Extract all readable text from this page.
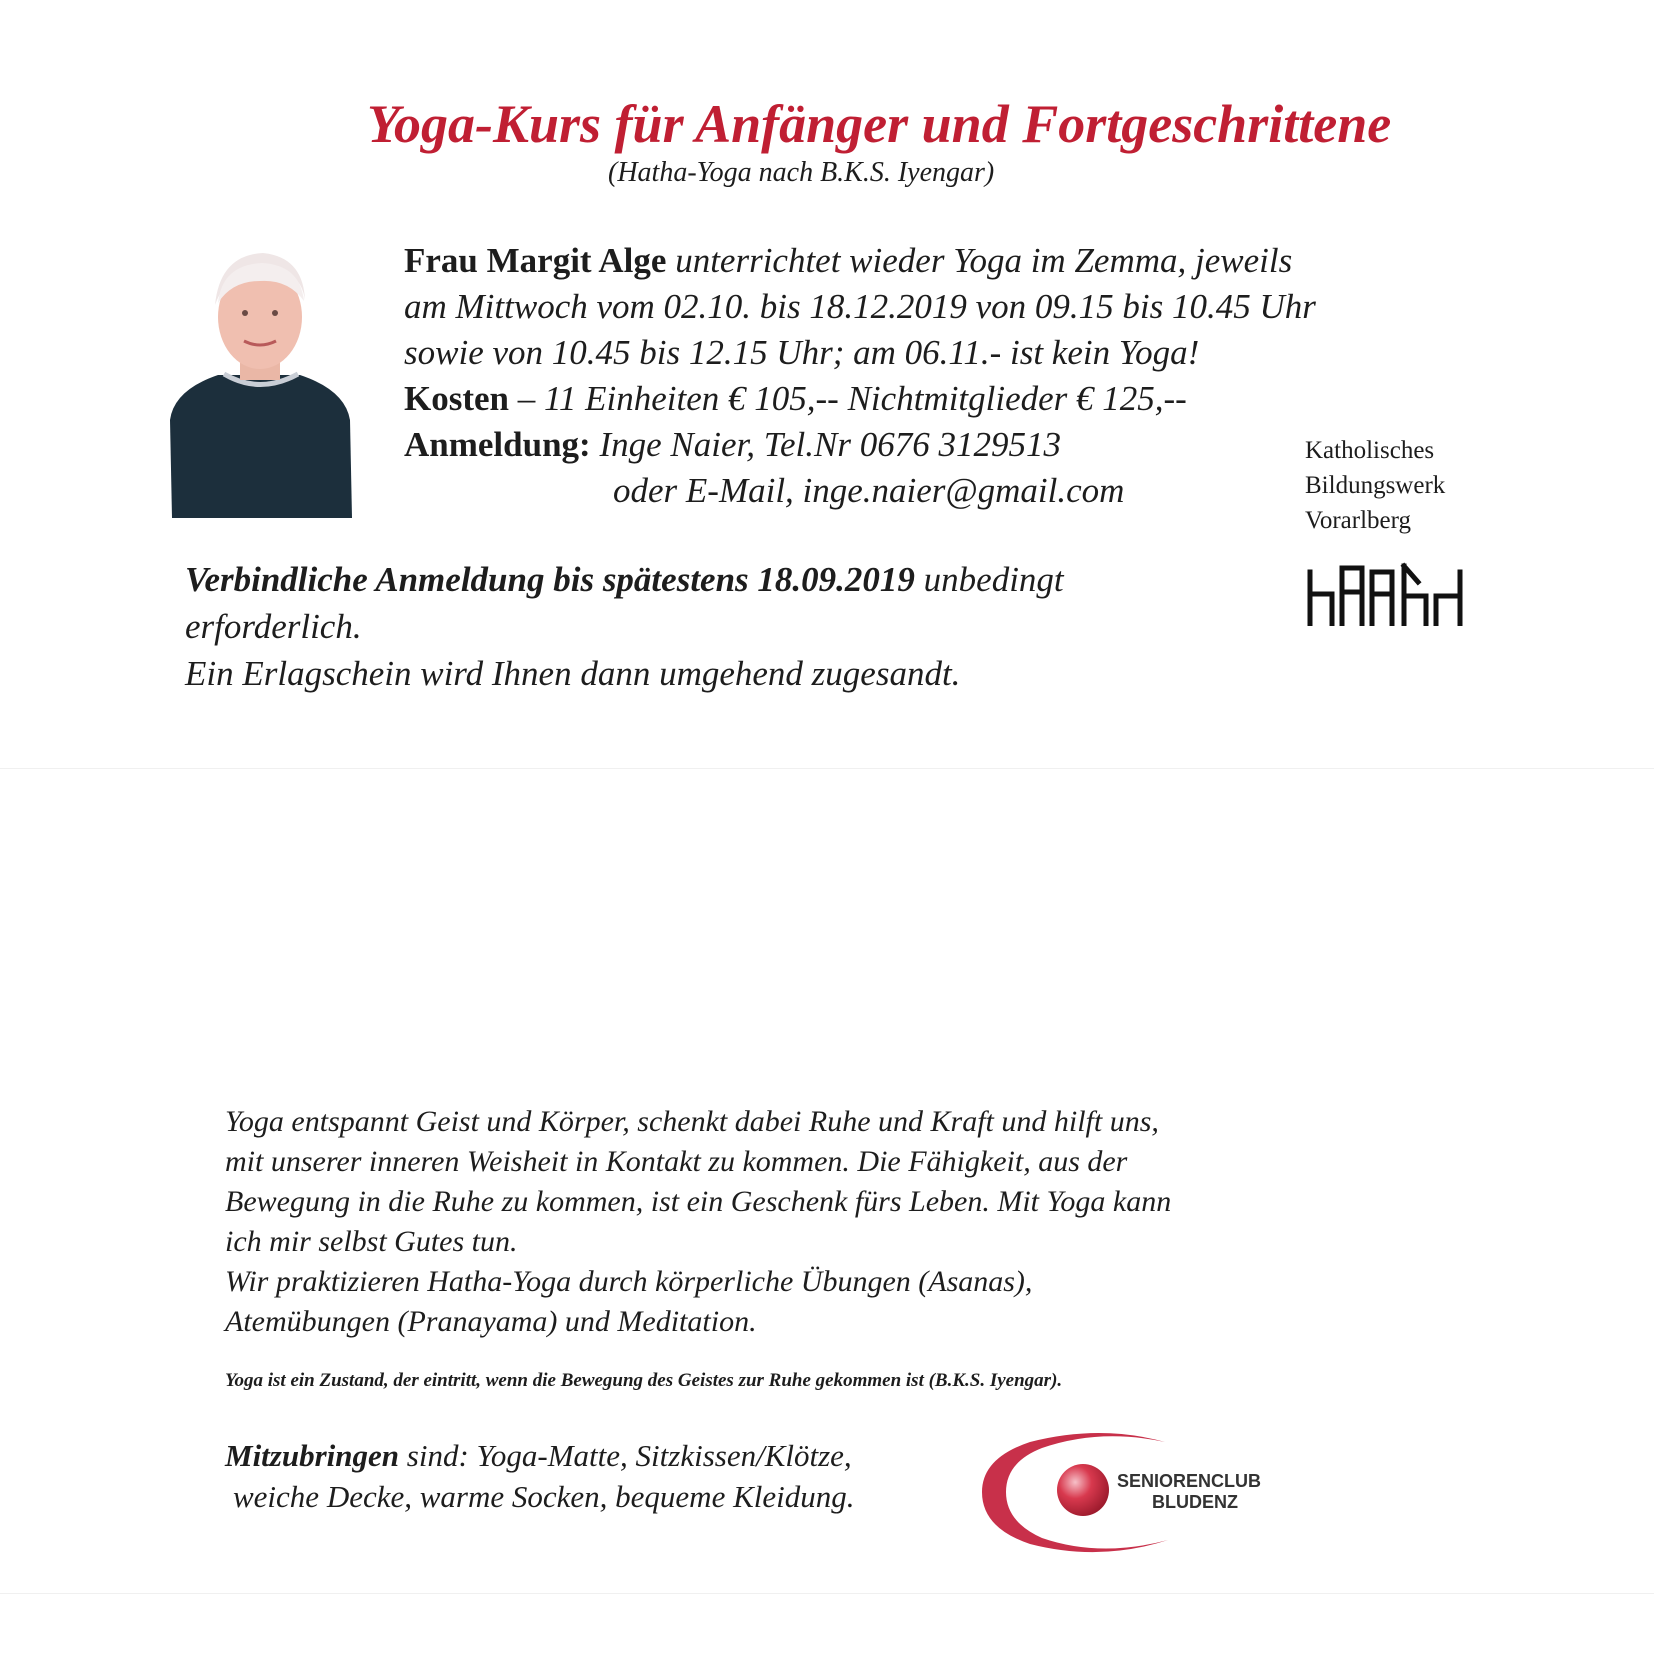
Yoga-Kurs für Anfänger und Fortgeschrittene
(Hatha-Yoga nach B.K.S. Iyengar)
Frau Margit Alge unterrichtet wieder Yoga im Zemma, jeweils
am Mittwoch vom 02.10. bis 18.12.2019 von 09.15 bis 10.45 Uhr
sowie von 10.45 bis 12.15 Uhr; am 06.11.- ist kein Yoga!
Kosten – 11 Einheiten € 105,-- Nichtmitglieder € 125,--
Anmeldung: Inge Naier, Tel.Nr 0676 3129513
oder E-Mail, inge.naier@gmail.com
Katholisches
Bildungswerk
Vorarlberg
Verbindliche Anmeldung bis spätestens 18.09.2019 unbedingt
erforderlich.
Ein Erlagschein wird Ihnen dann umgehend zugesandt.
Yoga entspannt Geist und Körper, schenkt dabei Ruhe und Kraft und hilft uns,
mit unserer inneren Weisheit in Kontakt zu kommen. Die Fähigkeit, aus der
Bewegung in die Ruhe zu kommen, ist ein Geschenk fürs Leben. Mit Yoga kann
ich mir selbst Gutes tun.
Wir praktizieren Hatha-Yoga durch körperliche Übungen (Asanas),
Atemübungen (Pranayama) und Meditation.
Yoga ist ein Zustand, der eintritt, wenn die Bewegung des Geistes zur Ruhe gekommen ist (B.K.S. Iyengar).
Mitzubringen sind: Yoga-Matte, Sitzkissen/Klötze,
weiche Decke, warme Socken, bequeme Kleidung.	SENIORENCLUB
BLUDENZ
